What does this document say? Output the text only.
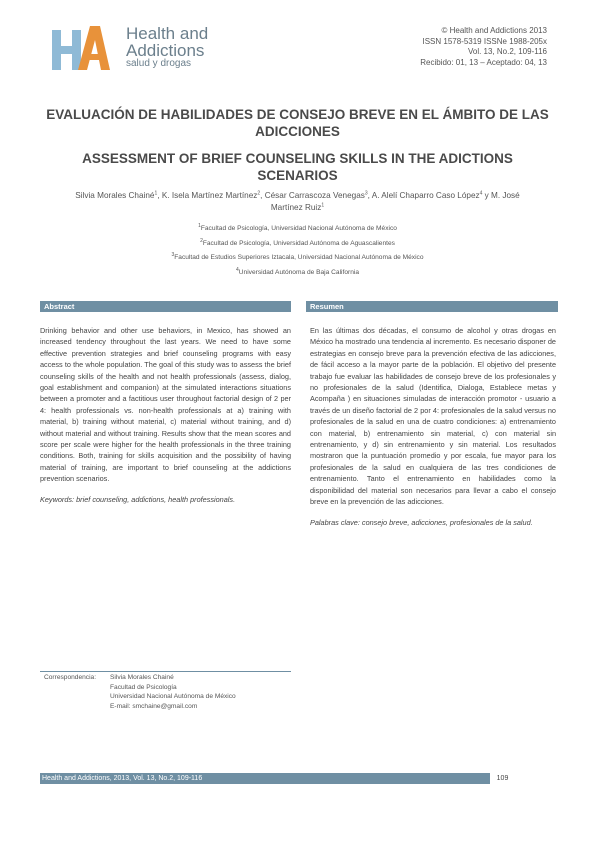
Health and
Addictions
salud y drogas
© Health and Addictions 2013
ISSN 1578-5319 ISSNe 1988-205x
Vol. 13, No.2, 109-116
Recibido: 01, 13 – Aceptado: 04, 13
EVALUACIÓN DE HABILIDADES DE CONSEJO BREVE EN EL ÁMBITO DE LAS
ADICCIONES
ASSESSMENT OF BRIEF COUNSELING SKILLS IN THE ADICTIONS
SCENARIOS
Silvia Morales Chainé$^1$, K. Isela Martínez Martínez$^2$, César Carrascoza Venegas$^3$, A. Alelí Chaparro Caso López$^4$ y M. José
Martínez Ruiz$^1$
$^1$Facultad de Psicología, Universidad Nacional Autónoma de México
$^2$Facultad de Psicología, Universidad Autónoma de Aguascalientes
$^3$Facultad de Estudios Superiores Iztacala, Universidad Nacional Autónoma de México
$^4$Universidad Autónoma de Baja California
Abstract

Drinking behavior and other use behaviors, in Mexico, has showed an increased tendency throughout the last years. We need to have some effective prevention strategies and brief counseling programs with easy access to the whole population. The goal of this study was to assess the brief counseling skills of the health and not health professionals (assess, dialog, goal establishment and companion) at the simulated interactions situations between a promoter and a factitious user throughout factorial design of 2 per 4: health professionals vs. non-health professionals at a) training with material, b) training without material, c) material without training, and d) without material and without training. Results show that the mean scores and score per scale were higher for the health professionals in the three training conditions. Both, training for skills acquisition and the possibility of having material of training, are important to brief counseling at the addictions prevention scenarios.

Keywords: brief counseling, addictions, health professionals.

Resumen

En las últimas dos décadas, el consumo de alcohol y otras drogas en México ha mostrado una tendencia al incremento. Es necesario disponer de estrategias en consejo breve para la prevención efectiva de las adicciones, de fácil acceso a la mayor parte de la población. El objetivo del presente trabajo fue evaluar las habilidades de consejo breve de los profesionales y no profesionales de la salud (Identifica, Dialoga, Establece metas y Acompaña ) en situaciones simuladas de interacción promotor - usuario a través de un diseño factorial de 2 por 4: profesionales de la salud versus no profesionales de la salud en una de cuatro condiciones: a) entrenamiento con material, b) entrenamiento sin material, c) con material sin entrenamiento, y d) sin entrenamiento y sin material. Los resultados mostraron que la puntuación promedio y por escala, fue mayor para los profesionales de la salud en cualquiera de las tres condiciones de entrenamiento. Tanto el entrenamiento en habilidades como la disponibilidad del material son necesarios para llevar a cabo el consejo breve en la prevención de las adicciones.

Palabras clave: consejo breve, adicciones, profesionales de la salud.

Correspondencia:	Silvia Morales Chainé
Facultad de Psicología
Universidad Nacional Autónoma de México
E-mail: smchaine@gmail.com
Health and Addictions, 2013, Vol. 13, No.2, 109-116	109
